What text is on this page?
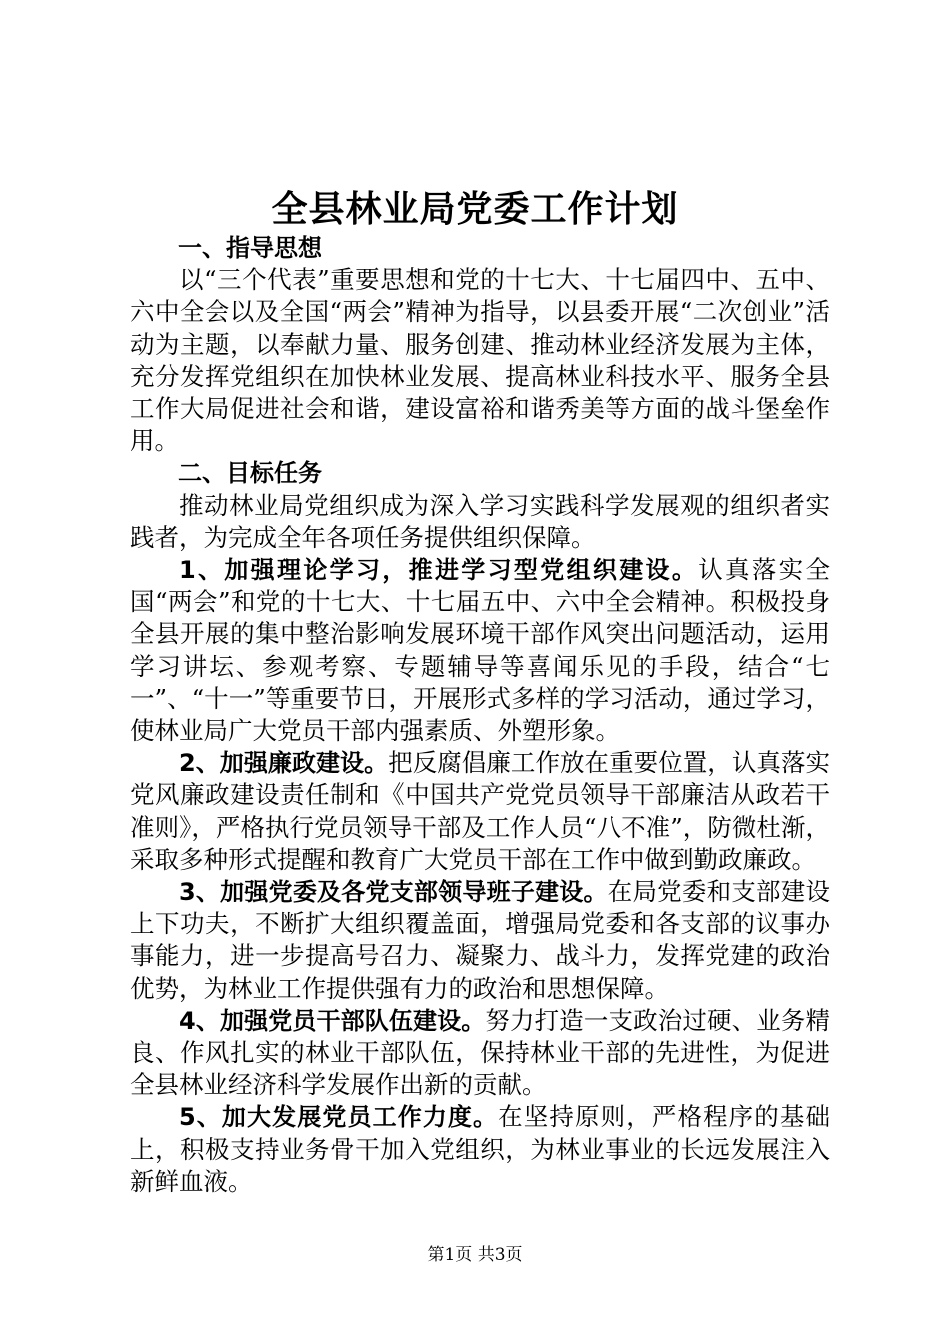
全县林业局党委工作计划

一、指导思想

以“三个代表”重要思想和党的十七大、十七届四中、五中、六中全会以及全国“两会”精神为指导，以县委开展“二次创业”活动为主题，以奉献力量、服务创建、推动林业经济发展为主体，充分发挥党组织在加快林业发展、提高林业科技水平、服务全县工作大局促进社会和谐，建设富裕和谐秀美等方面的战斗堡垒作用。

二、目标任务

推动林业局党组织成为深入学习实践科学发展观的组织者实践者，为完成全年各项任务提供组织保障。

1、加强理论学习，推进学习型党组织建设。认真落实全国“两会”和党的十七大、十七届五中、六中全会精神。积极投身全县开展的集中整治影响发展环境干部作风突出问题活动，运用学习讲坛、参观考察、专题辅导等喜闻乐见的手段，结合“七一”、“十一”等重要节日，开展形式多样的学习活动，通过学习，使林业局广大党员干部内强素质、外塑形象。

2、加强廉政建设。把反腐倡廉工作放在重要位置，认真落实党风廉政建设责任制和《中国共产党党员领导干部廉洁从政若干准则》，严格执行党员领导干部及工作人员“八不准”，防微杜渐，采取多种形式提醒和教育广大党员干部在工作中做到勤政廉政。

3、加强党委及各党支部领导班子建设。在局党委和支部建设上下功夫，不断扩大组织覆盖面，增强局党委和各支部的议事办事能力，进一步提高号召力、凝聚力、战斗力，发挥党建的政治优势，为林业工作提供强有力的政治和思想保障。

4、加强党员干部队伍建设。努力打造一支政治过硬、业务精良、作风扎实的林业干部队伍，保持林业干部的先进性，为促进全县林业经济科学发展作出新的贡献。

5、加大发展党员工作力度。在坚持原则，严格程序的基础上，积极支持业务骨干加入党组织，为林业事业的长远发展注入新鲜血液。

第1页 共3页
